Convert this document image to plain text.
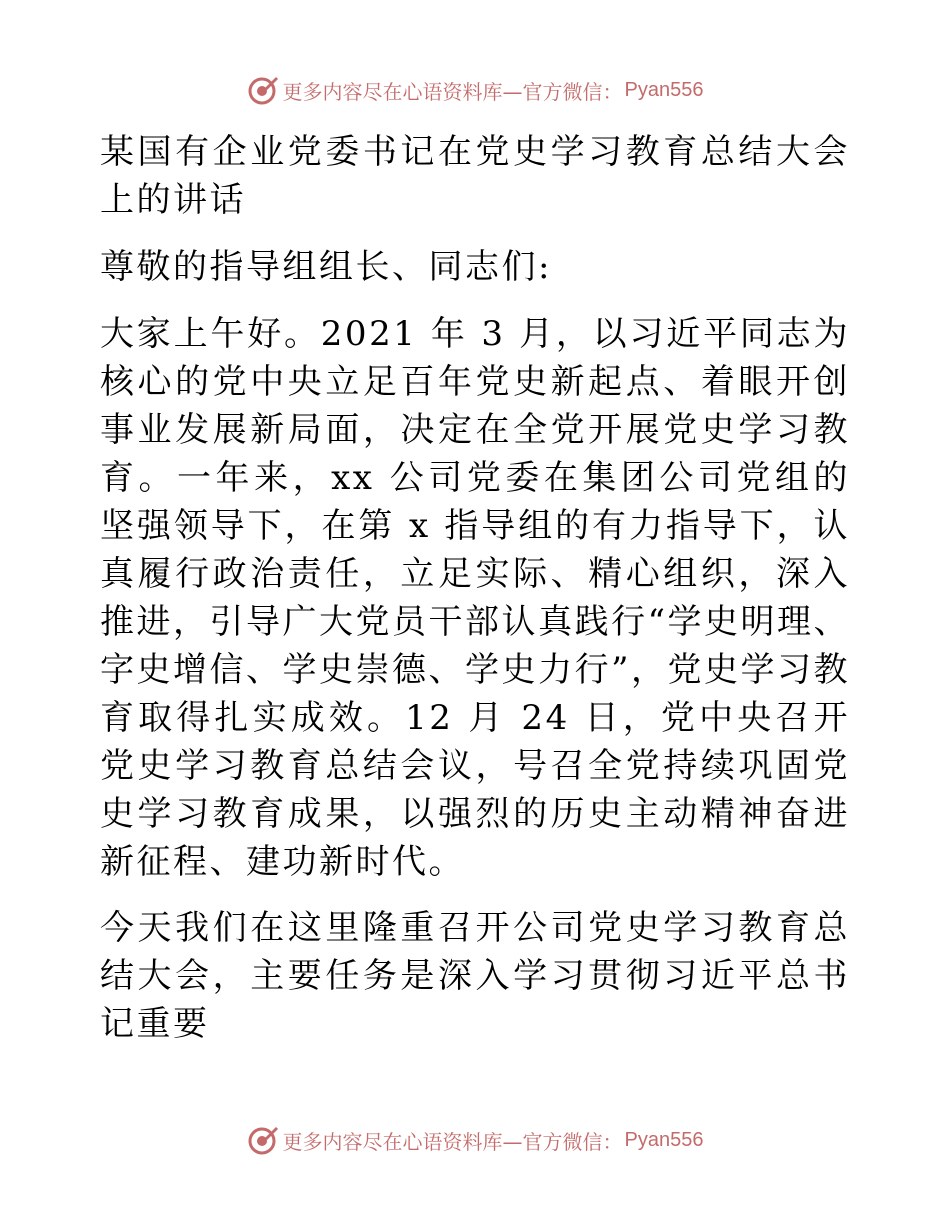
更多内容尽在心语资料库—官方微信： Pyan556

某国有企业党委书记在党史学习教育总结大会上的讲话

尊敬的指导组组长、同志们:

大家上午好。2021 年 3 月，以习近平同志为核心的党中央立足百年党史新起点、着眼开创事业发展新局面，决定在全党开展党史学习教育。一年来，xx 公司党委在集团公司党组的坚强领导下，在第 x 指导组的有力指导下，认真履行政治责任，立足实际、精心组织，深入推进，引导广大党员干部认真践行“学史明理、字史增信、学史崇德、学史力行”，党史学习教育取得扎实成效。12 月 24 日，党中央召开党史学习教育总结会议，号召全党持续巩固党史学习教育成果，以强烈的历史主动精神奋进新征程、建功新时代。

今天我们在这里隆重召开公司党史学习教育总结大会，主要任务是深入学习贯彻习近平总书记重要

更多内容尽在心语资料库—官方微信： Pyan556
